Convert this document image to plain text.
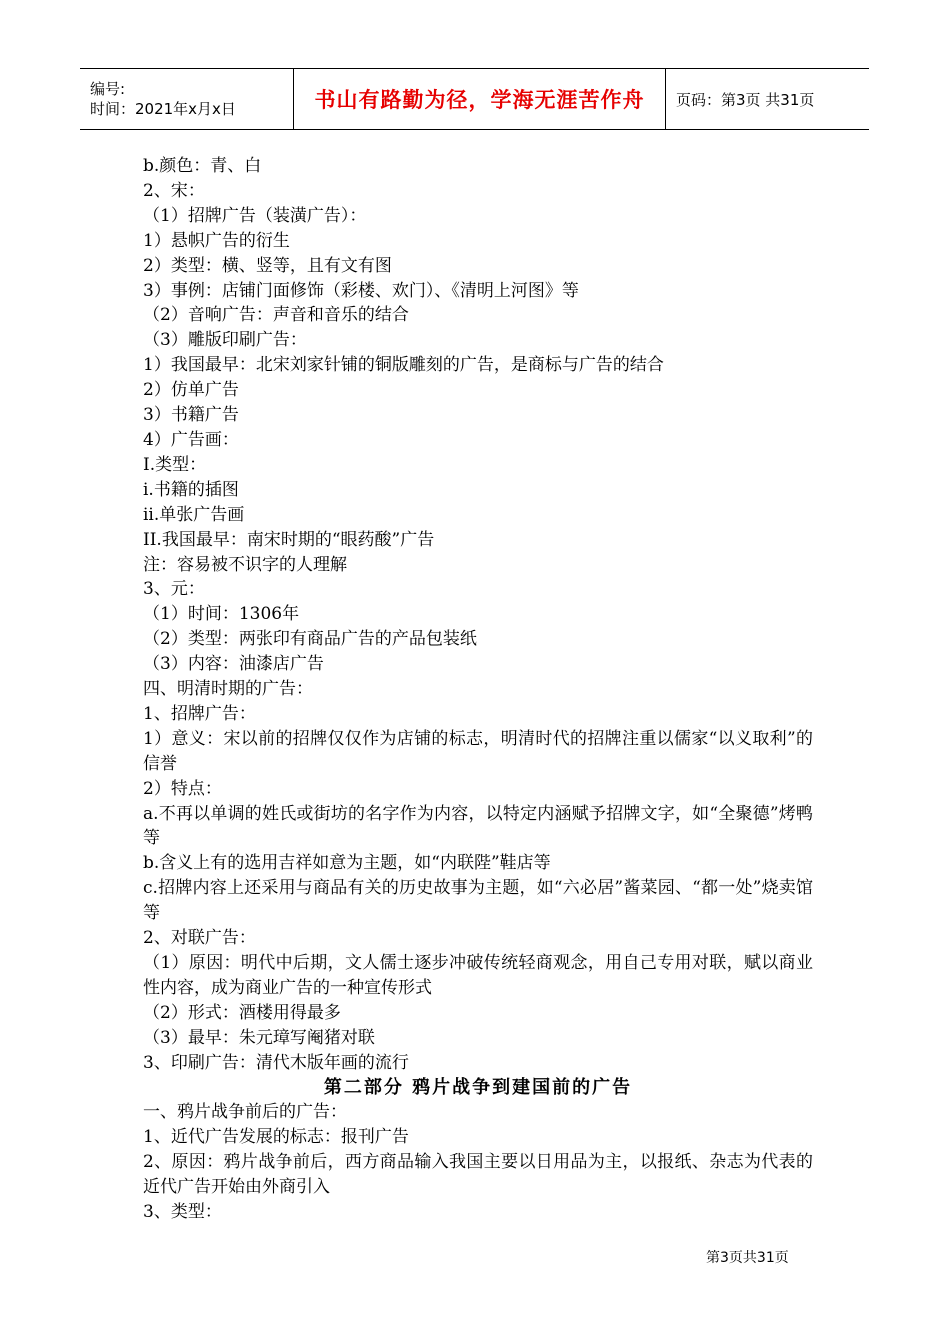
编号:
时间：2021年x月x日	书山有路勤为径，学海无涯苦作舟 页码：第3页 共31页
b.颜色：青、白
2、宋：
（1）招牌广告（装潢广告）：
1）悬帜广告的衍生
2）类型：横、竖等，且有文有图
3）事例：店铺门面修饰（彩楼、欢门）、《清明上河图》等
（2）音响广告：声音和音乐的结合
（3）雕版印刷广告：
1）我国最早：北宋刘家针铺的铜版雕刻的广告，是商标与广告的结合
2）仿单广告
3）书籍广告
4）广告画：
I.类型：
i.书籍的插图
ii.单张广告画
II.我国最早：南宋时期的“眼药酸”广告
注：容易被不识字的人理解
3、元：
（1）时间：1306年
（2）类型：两张印有商品广告的产品包装纸
（3）内容：油漆店广告
四、明清时期的广告：
1、招牌广告：
1）意义：宋以前的招牌仅仅作为店铺的标志，明清时代的招牌注重以儒家“以义取利”的信誉
2）特点：
a.不再以单调的姓氏或街坊的名字作为内容，以特定内涵赋予招牌文字，如“全聚德”烤鸭等
b.含义上有的选用吉祥如意为主题，如“内联陛”鞋店等
c.招牌内容上还采用与商品有关的历史故事为主题，如“六必居”酱菜园、“都一处”烧卖馆等
2、对联广告：
（1）原因：明代中后期，文人儒士逐步冲破传统轻商观念，用自己专用对联，赋以商业性内容，成为商业广告的一种宣传形式
（2）形式：酒楼用得最多
（3）最早：朱元璋写阉猪对联
3、印刷广告：清代木版年画的流行
第二部分 鸦片战争到建国前的广告
一、鸦片战争前后的广告：
1、近代广告发展的标志：报刊广告
2、原因：鸦片战争前后，西方商品输入我国主要以日用品为主，以报纸、杂志为代表的近代广告开始由外商引入
3、类型：
第3页共31页
